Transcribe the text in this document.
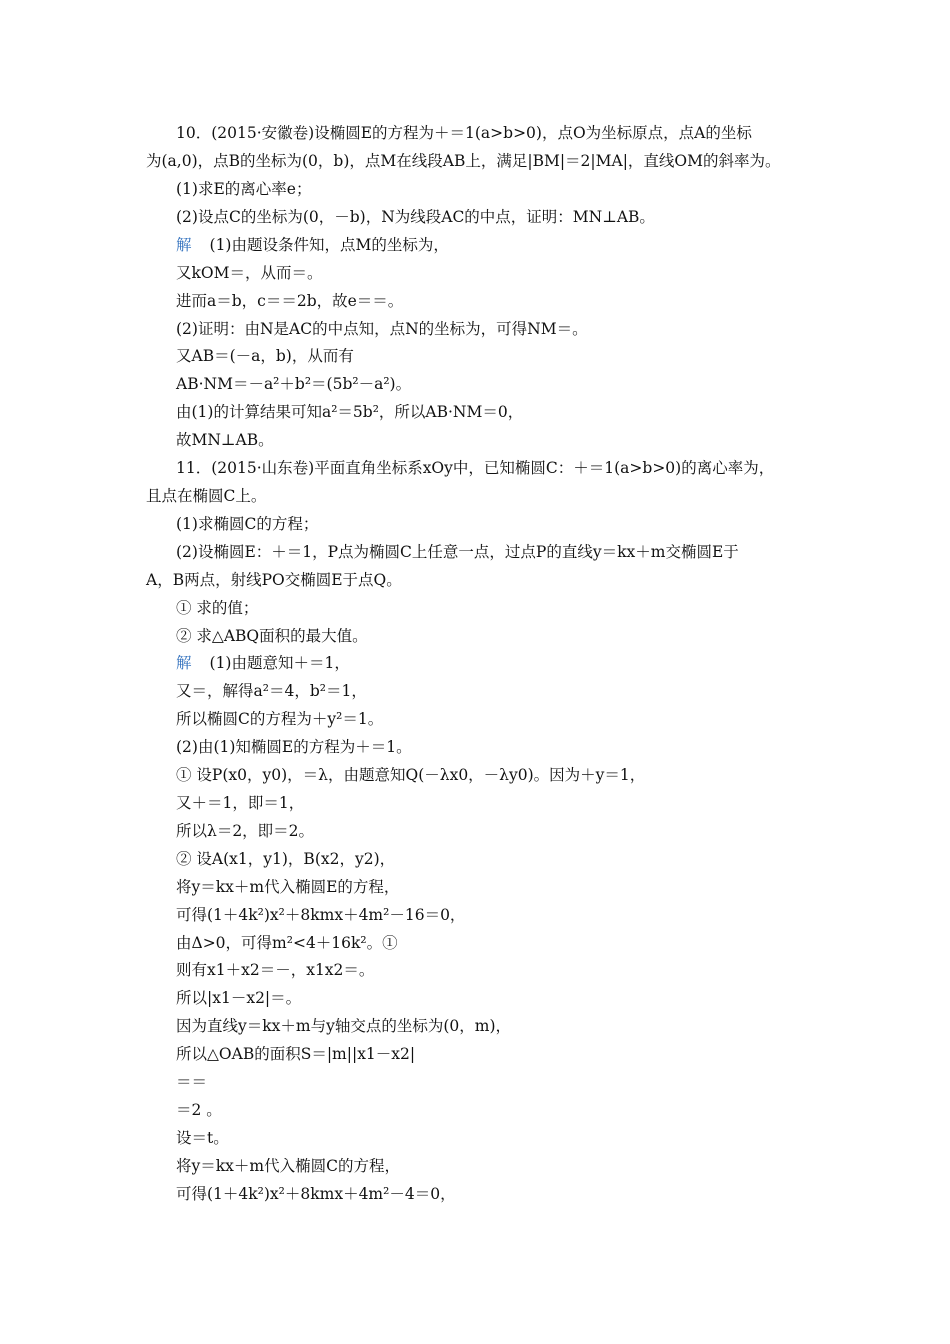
10．(2015·安徽卷)设椭圆E的方程为＋＝1(a>b>0)，点O为坐标原点，点A的坐标
为(a,0)，点B的坐标为(0，b)，点M在线段AB上，满足|BM|＝2|MA|，直线OM的斜率为。
(1)求E的离心率e；
(2)设点C的坐标为(0，－b)，N为线段AC的中点，证明：MN⊥AB。
解 (1)由题设条件知，点M的坐标为，
又kOM＝，从而＝。
进而a＝b，c＝＝2b，故e＝＝。
(2)证明：由N是AC的中点知，点N的坐标为，可得NM＝。
又AB＝(－a，b)，从而有
AB·NM＝－a²＋b²＝(5b²－a²)。
由(1)的计算结果可知a²＝5b²，所以AB·NM＝0，
故MN⊥AB。
11．(2015·山东卷)平面直角坐标系xOy中，已知椭圆C：＋＝1(a>b>0)的离心率为，
且点在椭圆C上。
(1)求椭圆C的方程；
(2)设椭圆E：＋＝1，P点为椭圆C上任意一点，过点P的直线y＝kx＋m交椭圆E于
A，B两点，射线PO交椭圆E于点Q。
① 求的值；
② 求△ABQ面积的最大值。
解 (1)由题意知＋＝1，
又＝，解得a²＝4，b²＝1，
所以椭圆C的方程为＋y²＝1。
(2)由(1)知椭圆E的方程为＋＝1。
① 设P(x0，y0)，＝λ，由题意知Q(－λx0，－λy0)。因为＋y＝1，
又＋＝1，即＝1，
所以λ＝2，即＝2。
② 设A(x1，y1)，B(x2，y2)，
将y＝kx＋m代入椭圆E的方程，
可得(1＋4k²)x²＋8kmx＋4m²－16＝0，
由Δ>0，可得m²<4＋16k²。①
则有x1＋x2＝－，x1x2＝。
所以|x1－x2|＝。
因为直线y＝kx＋m与y轴交点的坐标为(0，m)，
所以△OAB的面积S＝|m||x1－x2|
＝＝
＝2 。
设＝t。
将y＝kx＋m代入椭圆C的方程，
可得(1＋4k²)x²＋8kmx＋4m²－4＝0，
